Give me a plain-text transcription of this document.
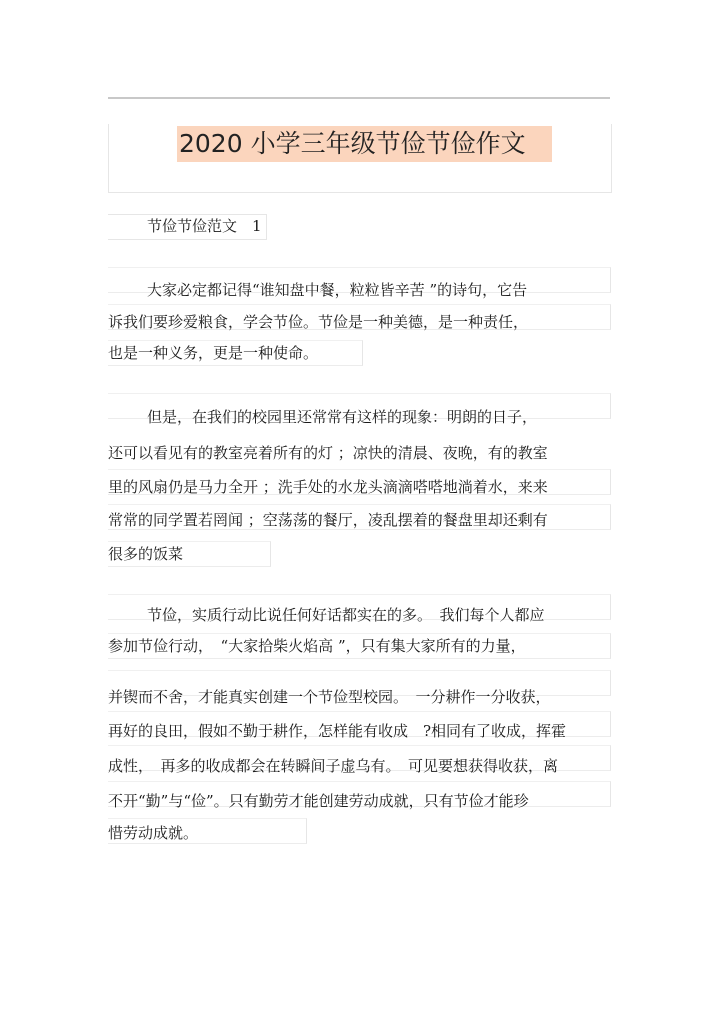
2020 小学三年级节俭节俭作文
节俭节俭范文　1
大家必定都记得“谁知盘中餐，粒粒皆辛苦 ”的诗句，它告
诉我们要珍爱粮食，学会节俭。节俭是一种美德，是一种责任，
也是一种义务，更是一种使命。
但是，在我们的校园里还常常有这样的现象：明朗的日子，
还可以看见有的教室亮着所有的灯 ；凉快的清晨、夜晚，有的教室
里的风扇仍是马力全开 ；洗手处的水龙头滴滴嗒嗒地淌着水，来来
常常的同学置若罔闻 ；空荡荡的餐厅，凌乱摆着的餐盘里却还剩有
很多的饭菜
节俭，实质行动比说任何好话都实在的多。　我们每个人都应
参加节俭行动，　“大家拾柴火焰高 ”，只有集大家所有的力量，
并锲而不舍，才能真实创建一个节俭型校园。　一分耕作一分收获，
再好的良田，假如不勤于耕作，怎样能有收成　?相同有了收成，挥霍
成性，　再多的收成都会在转瞬间子虚乌有。　可见要想获得收获，离
不开“勤”与“俭”。只有勤劳才能创建劳动成就，只有节俭才能珍
惜劳动成就。
